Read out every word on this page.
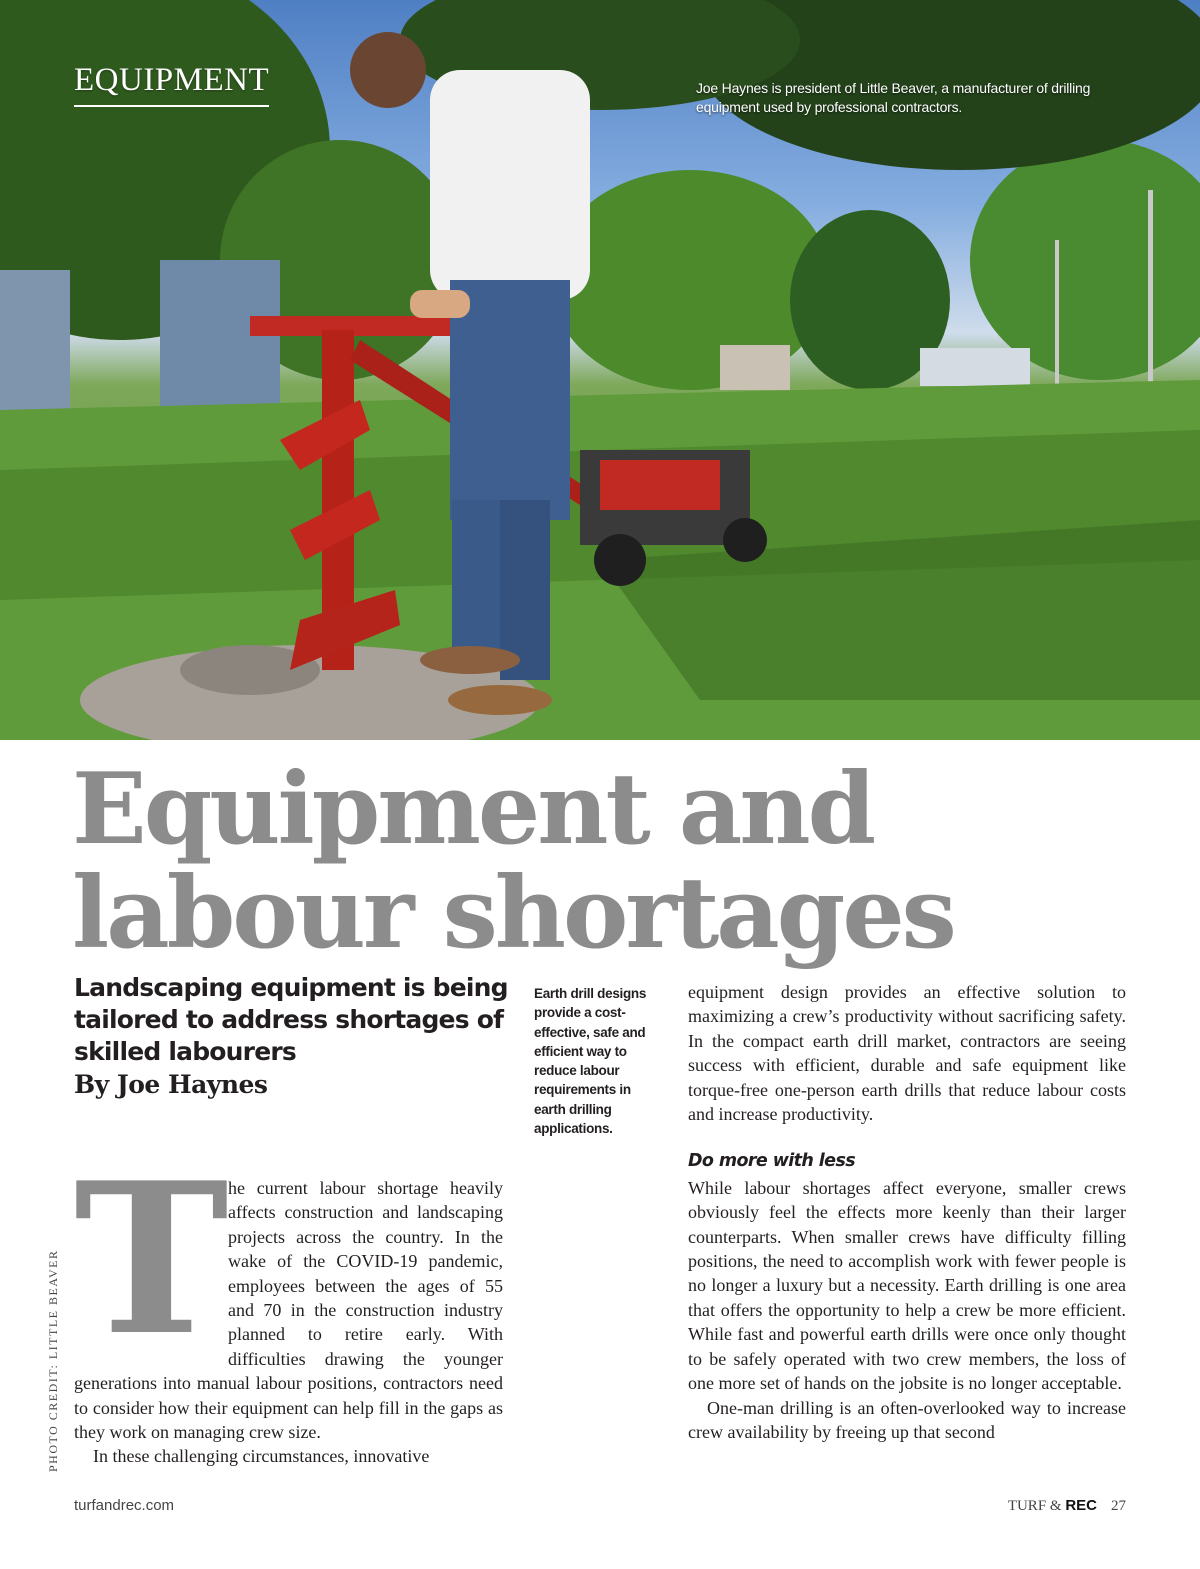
EQUIPMENT	Joe Haynes is president of Little Beaver, a manufacturer of drilling equipment used by professional contractors.
Equipment and
labour shortages
Landscaping equipment is being tailored to address shortages of skilled labourers
By Joe Haynes
Earth drill designs provide a cost-effective, safe and efficient way to reduce labour requirements in earth drilling applications.

The current labour shortage heavily affects construction and landscaping projects across the country. In the wake of the COVID-19 pandemic, employees between the ages of 55 and 70 in the construction industry planned to retire early. With difficulties drawing the younger generations into manual labour positions, contractors need to consider how their equipment can help fill in the gaps as they work on managing crew size.

In these challenging circumstances, innovative

equipment design provides an effective solution to maximizing a crew’s productivity without sacrificing safety. In the compact earth drill market, contractors are seeing success with efficient, durable and safe equipment like torque-free one-person earth drills that reduce labour costs and increase productivity.

Do more with less

While labour shortages affect everyone, smaller crews obviously feel the effects more keenly than their larger counterparts. When smaller crews have difficulty filling positions, the need to accomplish work with fewer people is no longer a luxury but a necessity. Earth drilling is one area that offers the opportunity to help a crew be more efficient. While fast and powerful earth drills were once only thought to be safely operated with two crew members, the loss of one more set of hands on the jobsite is no longer acceptable.

One-man drilling is an often-overlooked way to increase crew availability by freeing up that second

PHOTO CREDIT: LITTLE BEAVER
turfandrec.com	TURF & REC 27
